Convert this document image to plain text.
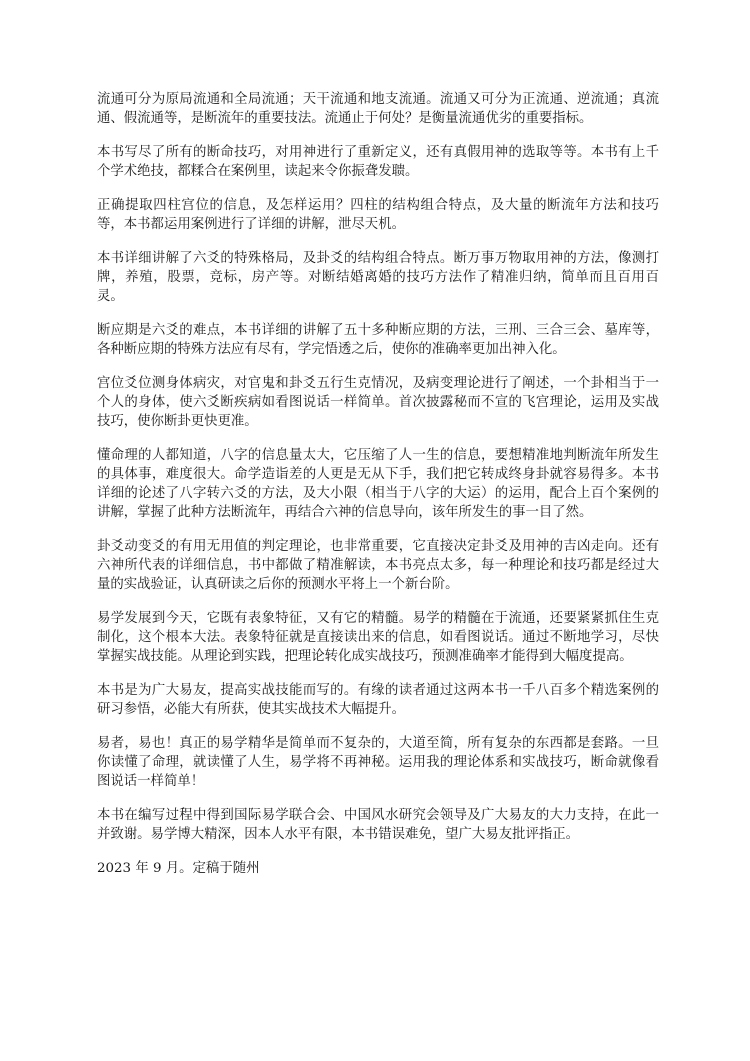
流通可分为原局流通和全局流通；天干流通和地支流通。流通又可分为正流通、逆流通；真流通、假流通等，是断流年的重要技法。流通止于何处？是衡量流通优劣的重要指标。

本书写尽了所有的断命技巧，对用神进行了重新定义，还有真假用神的选取等等。本书有上千个学术绝技，都糅合在案例里，读起来令你振聋发聩。

正确提取四柱宫位的信息，及怎样运用？四柱的结构组合特点，及大量的断流年方法和技巧等，本书都运用案例进行了详细的讲解，泄尽天机。

本书详细讲解了六爻的特殊格局，及卦爻的结构组合特点。断万事万物取用神的方法，像测打牌，养殖，股票，竞标，房产等。对断结婚离婚的技巧方法作了精准归纳，简单而且百用百灵。

断应期是六爻的难点，本书详细的讲解了五十多种断应期的方法，三刑、三合三会、墓库等，各种断应期的特殊方法应有尽有，学完悟透之后，使你的准确率更加出神入化。

宫位爻位测身体病灾，对官鬼和卦爻五行生克情况，及病变理论进行了阐述，一个卦相当于一个人的身体，使六爻断疾病如看图说话一样简单。首次披露秘而不宣的飞宫理论，运用及实战技巧，使你断卦更快更准。

懂命理的人都知道，八字的信息量太大，它压缩了人一生的信息，要想精准地判断流年所发生的具体事，难度很大。命学造诣差的人更是无从下手，我们把它转成终身卦就容易得多。本书详细的论述了八字转六爻的方法，及大小限（相当于八字的大运）的运用，配合上百个案例的讲解，掌握了此种方法断流年，再结合六神的信息导向，该年所发生的事一目了然。

卦爻动变爻的有用无用值的判定理论，也非常重要，它直接决定卦爻及用神的吉凶走向。还有六神所代表的详细信息，书中都做了精准解读，本书亮点太多，每一种理论和技巧都是经过大量的实战验证，认真研读之后你的预测水平将上一个新台阶。

易学发展到今天，它既有表象特征，又有它的精髓。易学的精髓在于流通，还要紧紧抓住生克制化，这个根本大法。表象特征就是直接读出来的信息，如看图说话。通过不断地学习，尽快掌握实战技能。从理论到实践，把理论转化成实战技巧，预测准确率才能得到大幅度提高。

本书是为广大易友，提高实战技能而写的。有缘的读者通过这两本书一千八百多个精选案例的研习参悟，必能大有所获，使其实战技术大幅提升。

易者，易也！真正的易学精华是简单而不复杂的，大道至简，所有复杂的东西都是套路。一旦你读懂了命理，就读懂了人生，易学将不再神秘。运用我的理论体系和实战技巧，断命就像看图说话一样简单！

本书在编写过程中得到国际易学联合会、中国风水研究会领导及广大易友的大力支持，在此一并致谢。易学博大精深，因本人水平有限，本书错误难免，望广大易友批评指正。

2023 年 9 月。定稿于随州
